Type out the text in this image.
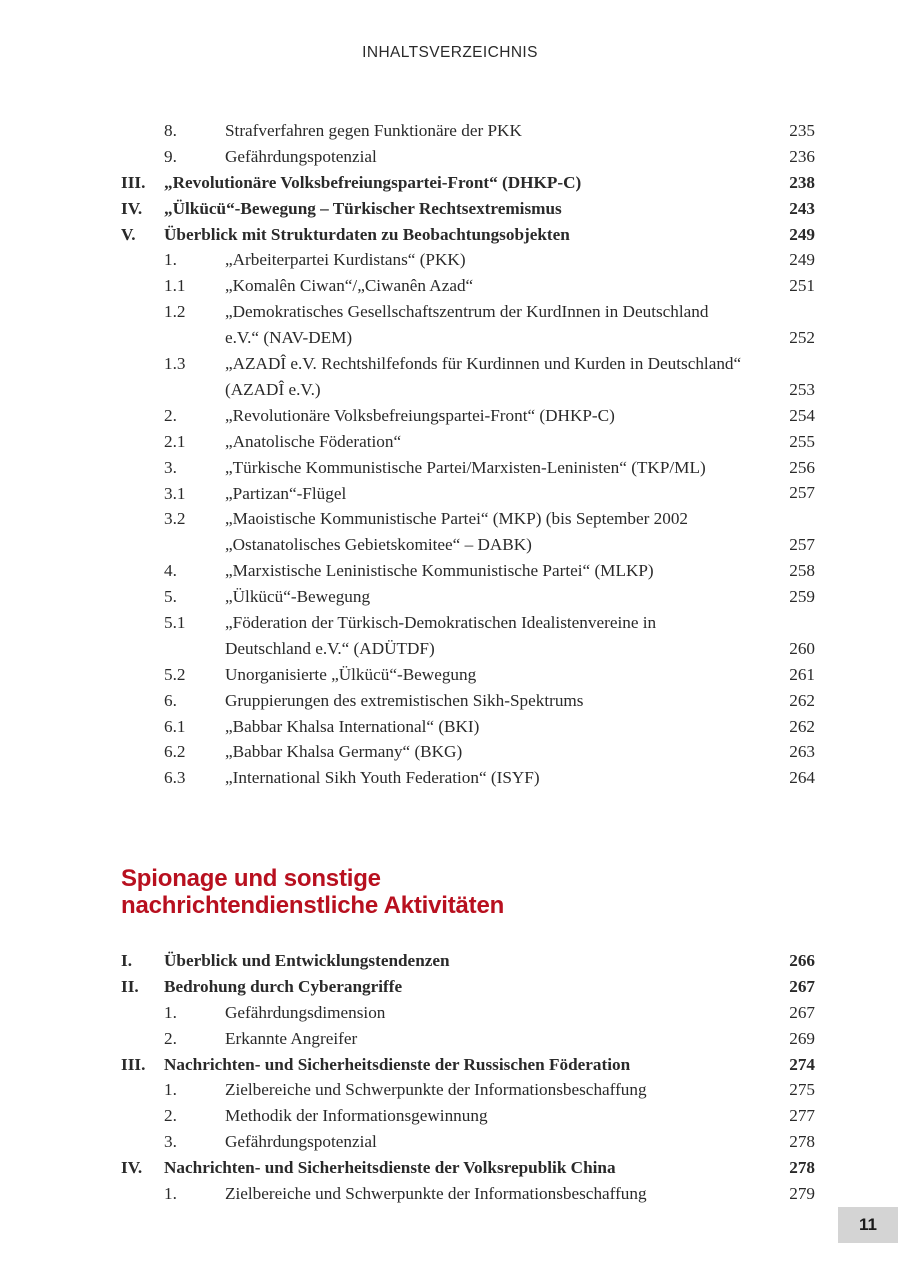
INHALTSVERZEICHNIS
8.	Strafverfahren gegen Funktionäre der PKK	235
9.	Gefährdungspotenzial	236
III. „Revolutionäre Volksbefreiungspartei-Front“ (DHKP-C)	238
IV. „Ülkücü“-Bewegung – Türkischer Rechtsextremismus	243
V. Überblick mit Strukturdaten zu Beobachtungsobjekten	249
1.	„Arbeiterpartei Kurdistans“ (PKK)	249
1.1 „Komalên Ciwan“/„Ciwanên Azad“	251
1.2 „Demokratisches Gesellschaftszentrum der KurdInnen in Deutschland e.V.“ (NAV-DEM)	252
1.3 „AZADÎ e.V. Rechtshilfefonds für Kurdinnen und Kurden in Deutschland“ (AZADÎ e.V.)	253
2.	„Revolutionäre Volksbefreiungspartei-Front“ (DHKP-C)	254
2.1 „Anatolische Föderation“	255
3.	„Türkische Kommunistische Partei/Marxisten-Leninisten“ (TKP/ML)	256
3.1 „Partizan“-Flügel	257
3.2 „Maoistische Kommunistische Partei“ (MKP) (bis September 2002 „Ostanatolisches Gebietskomitee“ – DABK)	257
4.	„Marxistische Leninistische Kommunistische Partei“ (MLKP)	258
5.	„Ülkücü“-Bewegung	259
5.1 „Föderation der Türkisch-Demokratischen Idealistenvereine in Deutschland e.V.“ (ADÜTDF)	260
5.2 Unorganisierte „Ülkücü“-Bewegung	261
6.	Gruppierungen des extremistischen Sikh-Spektrums	262
6.1 „Babbar Khalsa International“ (BKI)	262
6.2 „Babbar Khalsa Germany“ (BKG)	263
6.3 „International Sikh Youth Federation“ (ISYF)	264
Spionage und sonstige
nachrichtendienstliche Aktivitäten
I. Überblick und Entwicklungstendenzen	266
II. Bedrohung durch Cyberangriffe	267
1.	Gefährdungsdimension	267
2.	Erkannte Angreifer	269
III. Nachrichten- und Sicherheitsdienste der Russischen Föderation	274
1.	Zielbereiche und Schwerpunkte der Informationsbeschaffung	275
2.	Methodik der Informationsgewinnung	277
3.	Gefährdungspotenzial	278
IV. Nachrichten- und Sicherheitsdienste der Volksrepublik China	278
1.	Zielbereiche und Schwerpunkte der Informationsbeschaffung	279
11
